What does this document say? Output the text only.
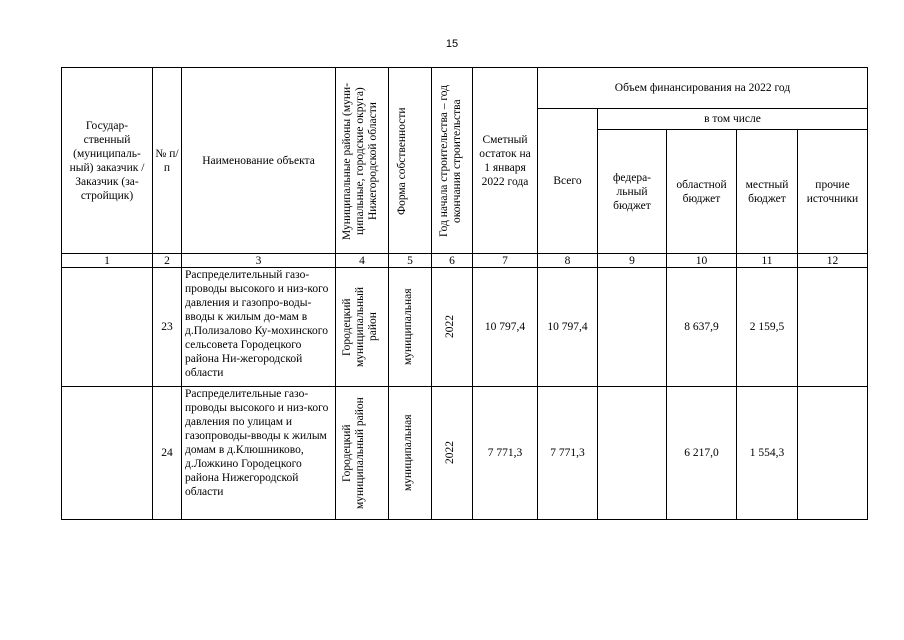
15
Государ-ственный (муниципаль-ный) заказчик / Заказчик (за-стройщик)	№ п/п	Наименование объекта	Муниципальные районы (муни-ципальные, городские округа) Нижегородской области	Форма собственности	Год начала строительства – год окончания строительства	Сметный остаток на 1 января 2022 года	Объем финансирования на 2022 год				
							Всего	в том числе			
								федера-льный бюджет	областной бюджет	местный бюджет	прочие источники
1	2	3	4	5	6	7	8	9	10	11	12
	23	Распределительный газо-проводы высокого и низ-кого давления и газопро-воды-вводы к жилым до-мам в д.Полизалово Ку-мохинского сельсовета Городецкого района Ни-жегородской области	Городецкий муниципальный район	муниципальная	2022	10 797,4	10 797,4		8 637,9	2 159,5	
	24	Распределительные газо-проводы высокого и низ-кого давления по улицам и газопроводы-вводы к жилым домам в д.Клюшниково, д.Ложкино Городецкого района Нижегородской области	Городецкий муниципальный район	муниципальная	2022	7 771,3	7 771,3		6 217,0	1 554,3	
